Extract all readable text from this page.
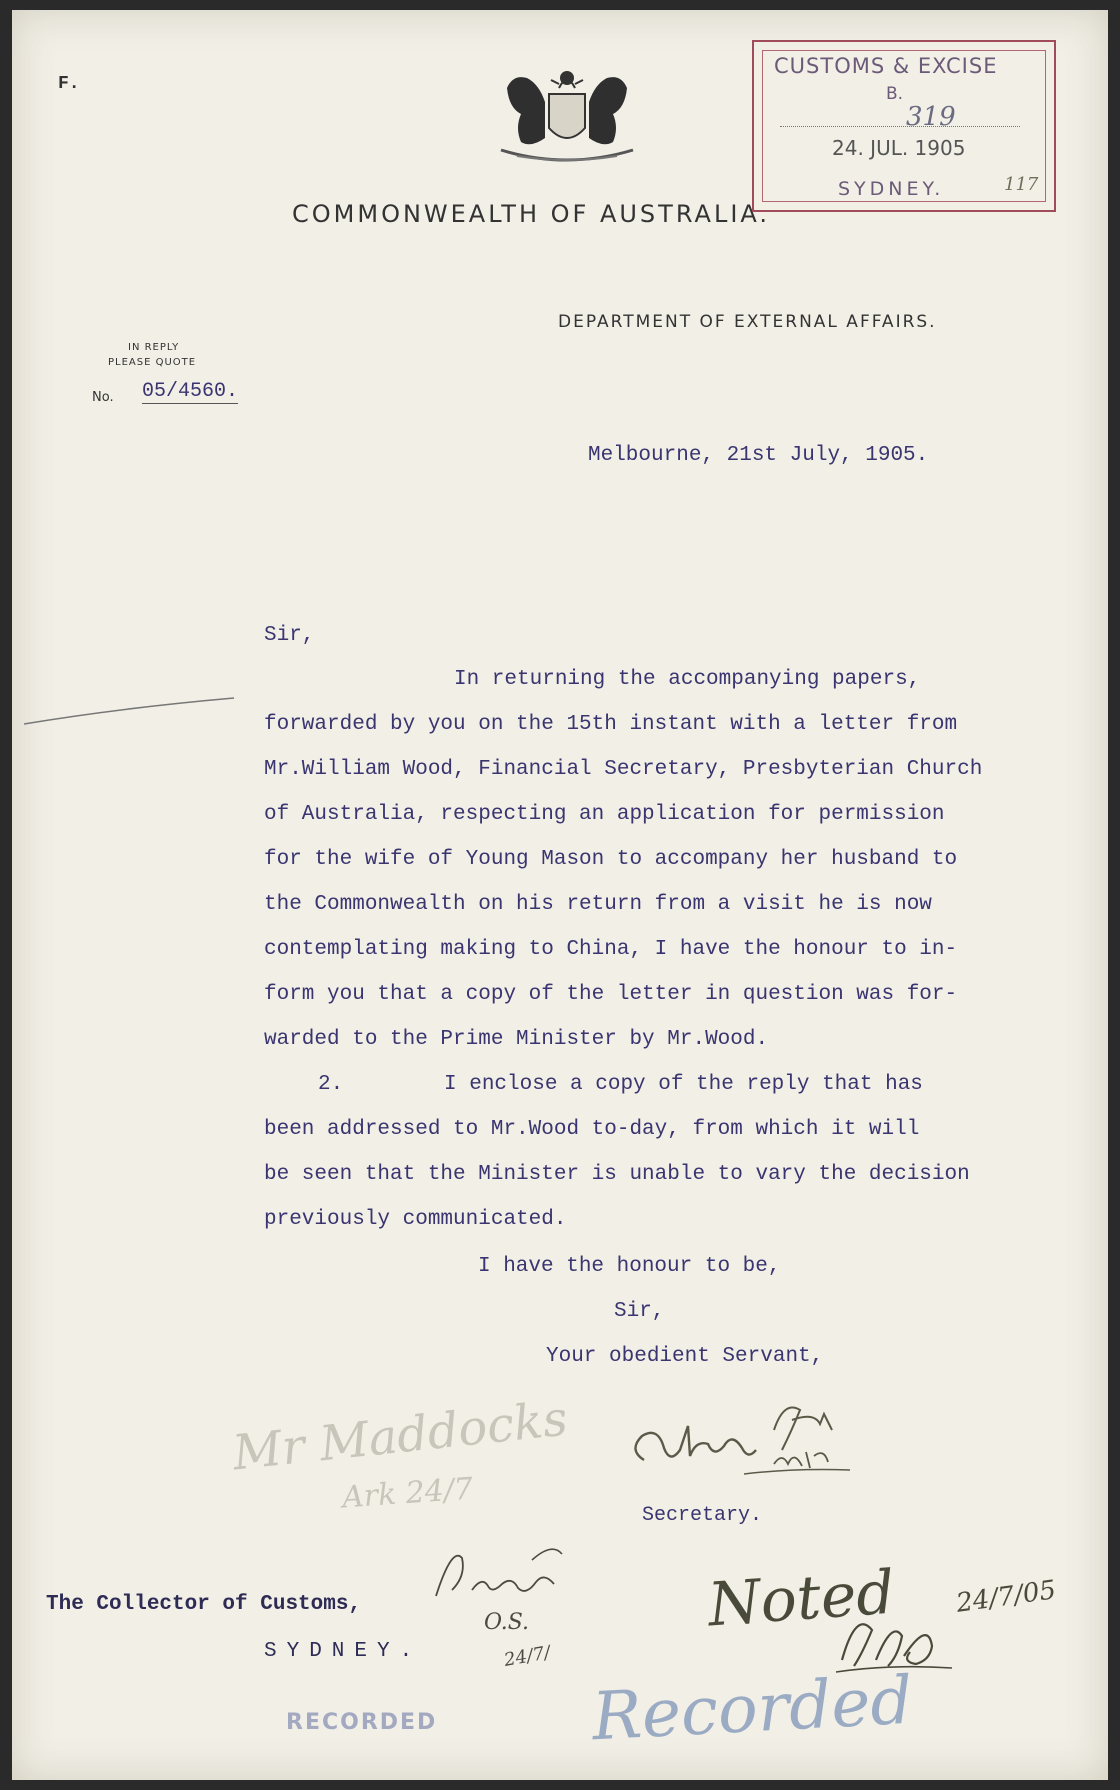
F.
COMMONWEALTH OF AUSTRALIA.
DEPARTMENT OF EXTERNAL AFFAIRS.
CUSTOMS & EXCISE
B.
319
24. JUL. 1905
SYDNEY.	117
IN REPLY
PLEASE QUOTE
No. 05/4560.
Melbourne, 21st July, 1905.
Sir,
In returning the accompanying papers,
forwarded by you on the 15th instant with a letter from
Mr.William Wood, Financial Secretary, Presbyterian Church
of Australia, respecting an application for permission
for the wife of Young Mason to accompany her husband to
the Commonwealth on his return from a visit he is now
contemplating making to China, I have the honour to in-
form you that a copy of the letter in question was for-
warded to the Prime Minister by Mr.Wood.
2.        I enclose a copy of the reply that has
been addressed to Mr.Wood to-day, from which it will
be seen that the Minister is unable to vary the decision
previously communicated.
I have the honour to be,
Sir,
Your obedient Servant,
Mr Maddocks
Ark 24/7	Secretary.
The Collector of Customs,
SYDNEY.
O.S.
24/7/
Noted 24/7/05
Recorded
RECORDED
